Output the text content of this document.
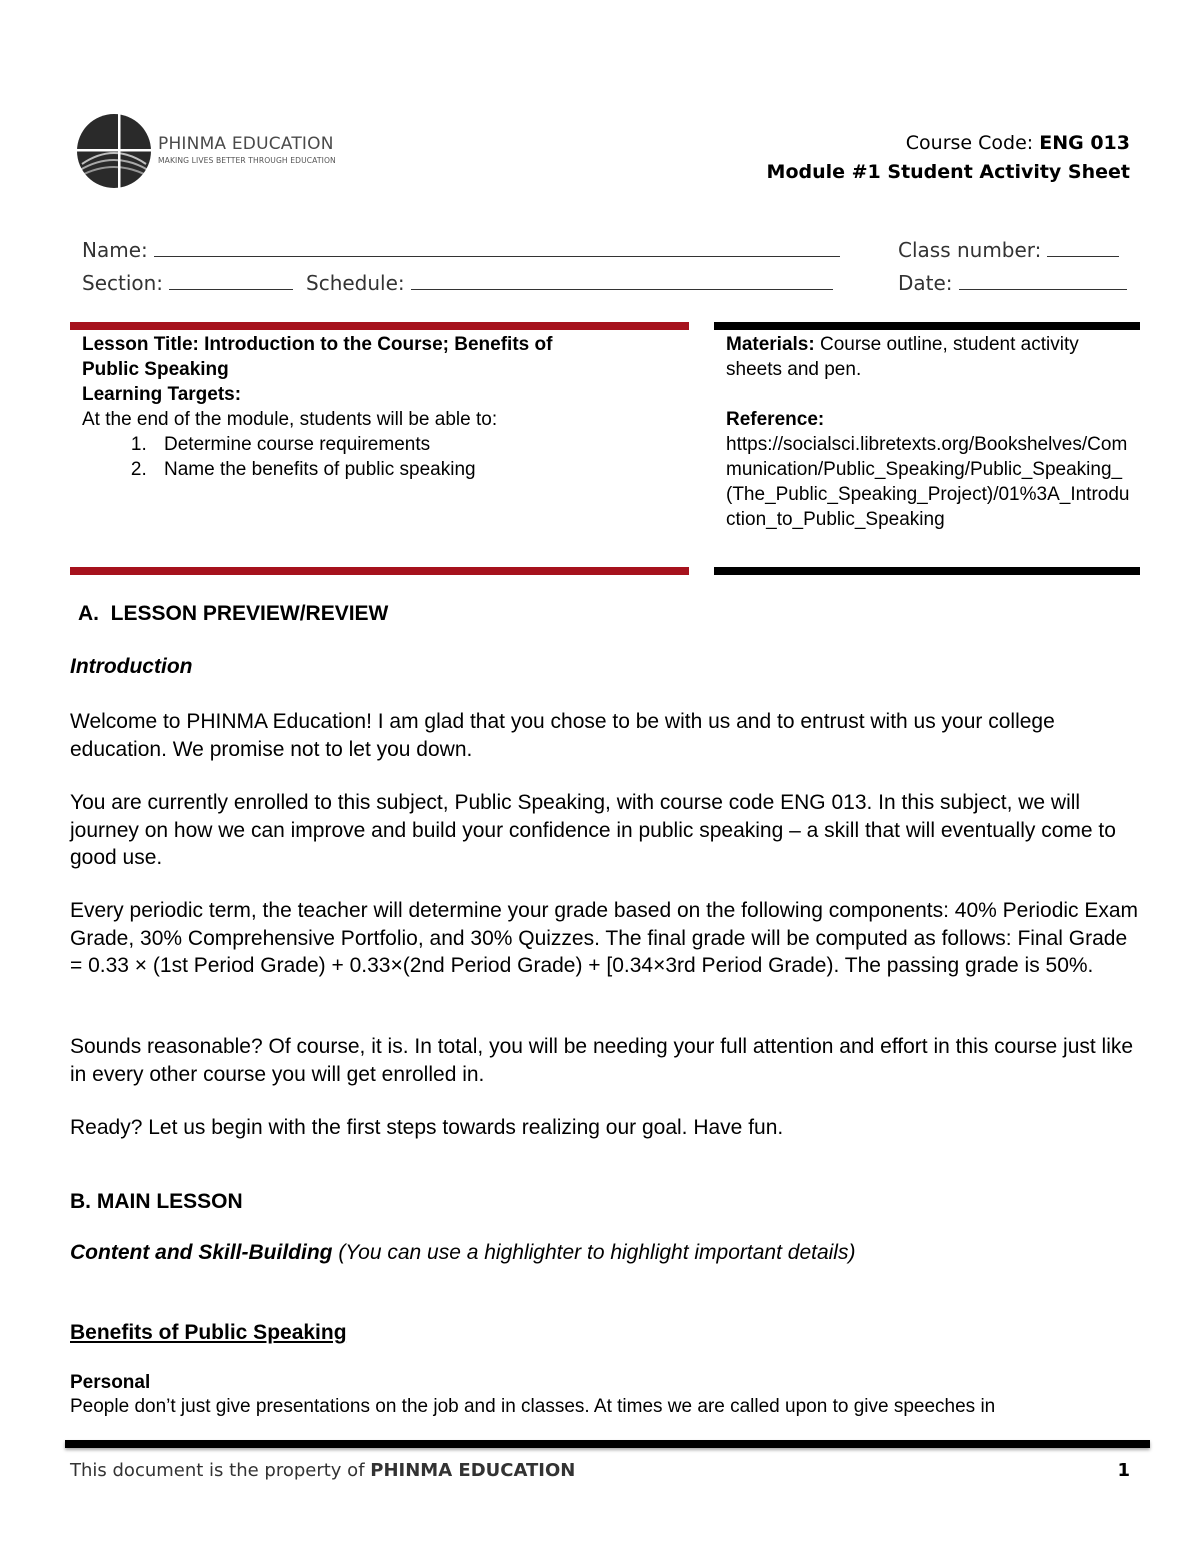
PHINMA EDUCATION
MAKING LIVES BETTER THROUGH EDUCATION
Course Code: ENG 013
Module #1 Student Activity Sheet
Name:	Class number:
Section:	Schedule:	Date:
Lesson Title: Introduction to the Course; Benefits of
Public Speaking
Learning Targets:
At the end of the module, students will be able to:
1. Determine course requirements
2. Name the benefits of public speaking
Materials: Course outline, student activity sheets and pen.
Reference:
https://socialsci.libretexts.org/Bookshelves/Communication/Public_Speaking/Public_Speaking_(The_Public_Speaking_Project)/01%3A_Introduction_to_Public_Speaking
A.  LESSON PREVIEW/REVIEW
Introduction
Welcome to PHINMA Education! I am glad that you chose to be with us and to entrust with us your college education. We promise not to let you down.
You are currently enrolled to this subject, Public Speaking, with course code ENG 013. In this subject, we will journey on how we can improve and build your confidence in public speaking – a skill that will eventually come to good use.
Every periodic term, the teacher will determine your grade based on the following components: 40% Periodic Exam Grade, 30% Comprehensive Portfolio, and 30% Quizzes. The final grade will be computed as follows: Final Grade = 0.33 × (1st Period Grade) + 0.33×(2nd Period Grade) + [0.34×3rd Period Grade). The passing grade is 50%.
Sounds reasonable? Of course, it is. In total, you will be needing your full attention and effort in this course just like in every other course you will get enrolled in.
Ready? Let us begin with the first steps towards realizing our goal. Have fun.
B. MAIN LESSON
Content and Skill-Building (You can use a highlighter to highlight important details)
Benefits of Public Speaking
Personal
People don’t just give presentations on the job and in classes. At times we are called upon to give speeches in
This document is the property of PHINMA EDUCATION	1
